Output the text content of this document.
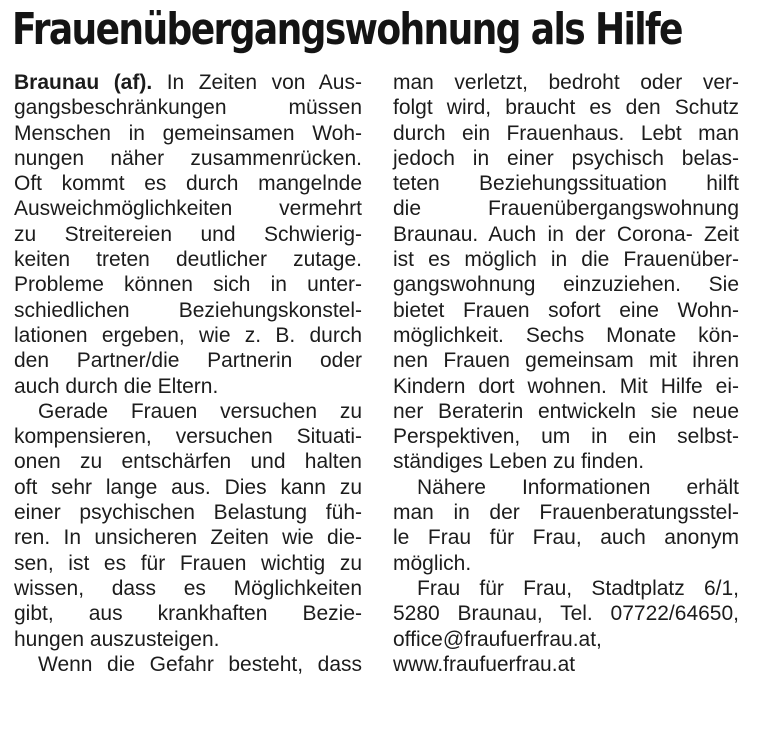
Frauenübergangswohnung als Hilfe
Braunau (af). In Zeiten von Aus-
gangsbeschränkungen müssen
Menschen in gemeinsamen Woh-
nungen näher zusammenrücken.
Oft kommt es durch mangelnde
Ausweichmöglichkeiten vermehrt
zu Streitereien und Schwierig-
keiten treten deutlicher zutage.
Probleme können sich in unter-
schiedlichen Beziehungskonstel-
lationen ergeben, wie z. B. durch
den Partner/die Partnerin oder
auch durch die Eltern.
Gerade Frauen versuchen zu
kompensieren, versuchen Situati-
onen zu entschärfen und halten
oft sehr lange aus. Dies kann zu
einer psychischen Belastung füh-
ren. In unsicheren Zeiten wie die-
sen, ist es für Frauen wichtig zu
wissen, dass es Möglichkeiten
gibt, aus krankhaften Bezie-
hungen auszusteigen.
Wenn die Gefahr besteht, dass
man verletzt, bedroht oder ver-
folgt wird, braucht es den Schutz
durch ein Frauenhaus. Lebt man
jedoch in einer psychisch belas-
teten Beziehungssituation hilft
die Frauenübergangswohnung
Braunau. Auch in der Corona- Zeit
ist es möglich in die Frauenüber-
gangswohnung einzuziehen. Sie
bietet Frauen sofort eine Wohn-
möglichkeit. Sechs Monate kön-
nen Frauen gemeinsam mit ihren
Kindern dort wohnen. Mit Hilfe ei-
ner Beraterin entwickeln sie neue
Perspektiven, um in ein selbst-
ständiges Leben zu finden.
Nähere Informationen erhält
man in der Frauenberatungsstel-
le Frau für Frau, auch anonym
möglich.
Frau für Frau, Stadtplatz 6/1,
5280 Braunau, Tel. 07722/64650,
office@fraufuerfrau.at,
www.fraufuerfrau.at
